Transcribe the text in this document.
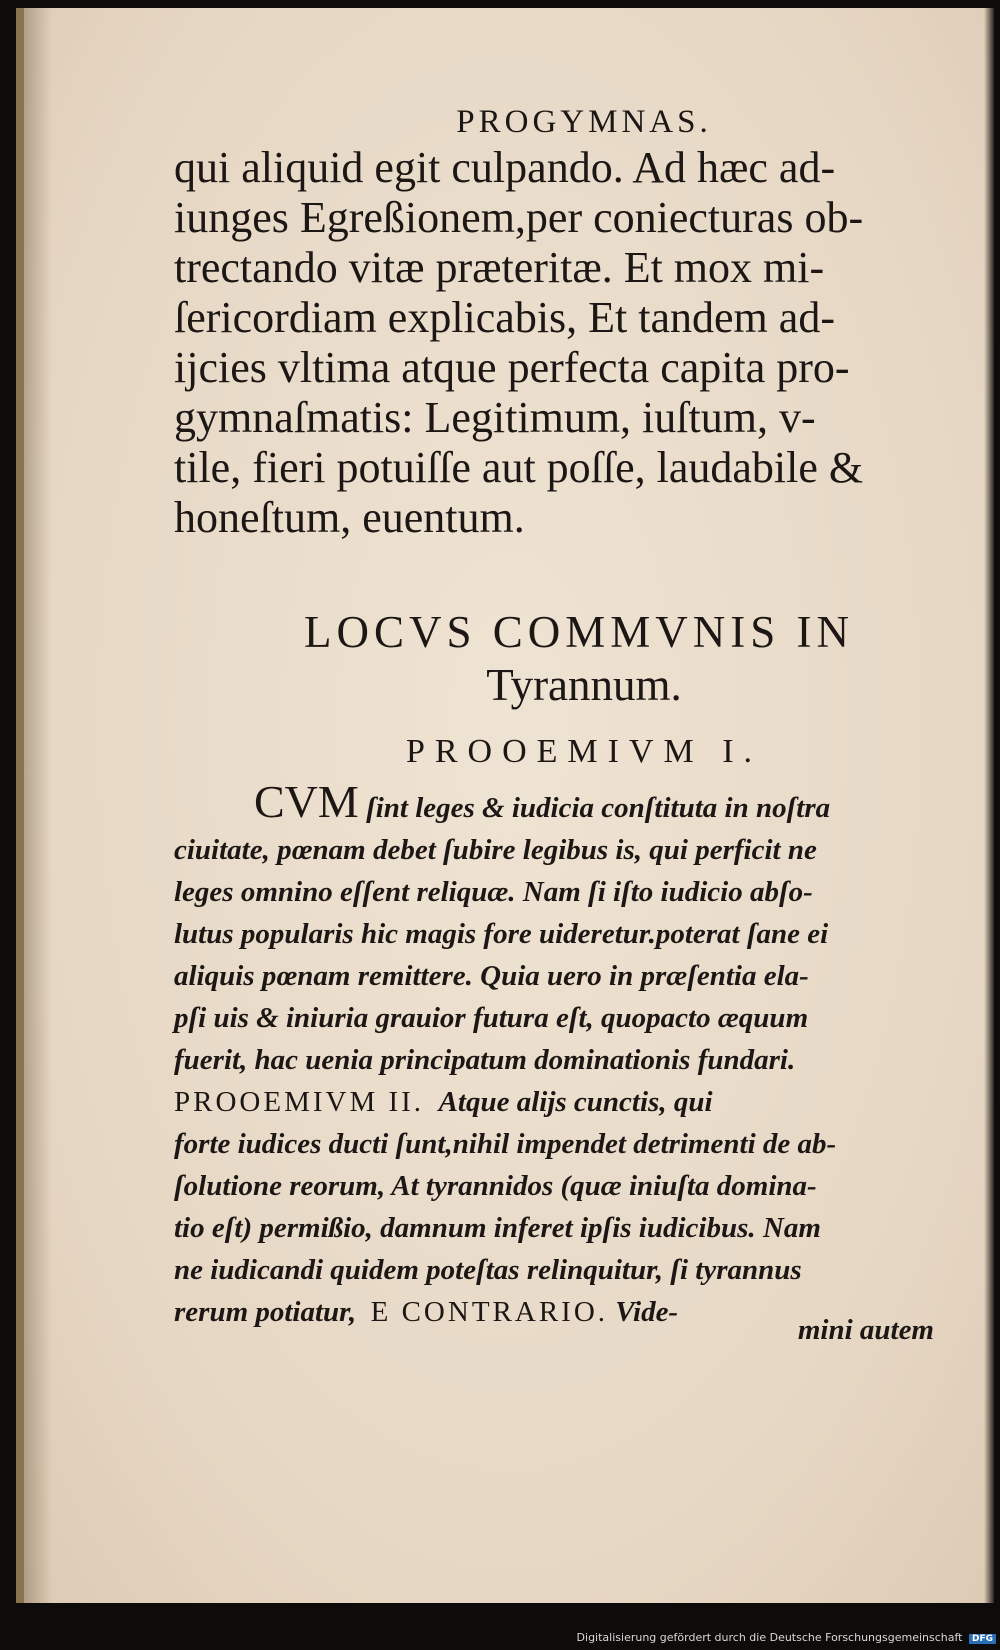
PROGYMNAS.

qui aliquid egit culpando. Ad hæc ad-

iunges Egreßionem,per coniecturas ob-

trectando vitæ præteritæ. Et mox mi-

ſericordiam explicabis, Et tandem ad-

ijcies vltima atque perfecta capita pro-

gymnaſmatis: Legitimum, iuſtum, v-

tile, fieri potuiſſe aut poſſe, laudabile &

honeſtum, euentum.

LOCVS COMMVNIS IN
Tyrannum.
PROOEMIVM I.

CVM ſint leges & iudicia conſtituta in noſtra

ciuitate, pœnam debet ſubire legibus is, qui perficit ne

leges omnino eſſent reliquæ. Nam ſi iſto iudicio abſo-

lutus popularis hic magis fore uideretur.poterat ſane ei

aliquis pœnam remittere. Quia uero in præſentia ela-

pſi uis & iniuria grauior futura eſt, quopacto æquum

fuerit, hac uenia principatum dominationis fundari.

PROOEMIVM II. Atque alijs cunctis, qui

forte iudices ducti ſunt,nihil impendet detrimenti de ab-

ſolutione reorum, At tyrannidos (quæ iniuſta domina-

tio eſt) permißio, damnum inferet ipſis iudicibus. Nam

ne iudicandi quidem poteſtas relinquitur, ſi tyrannus

rerum potiatur, E CONTRARIO. Vide-

mini autem
Digitalisierung gefördert durch die Deutsche Forschungsgemeinschaft DFG
